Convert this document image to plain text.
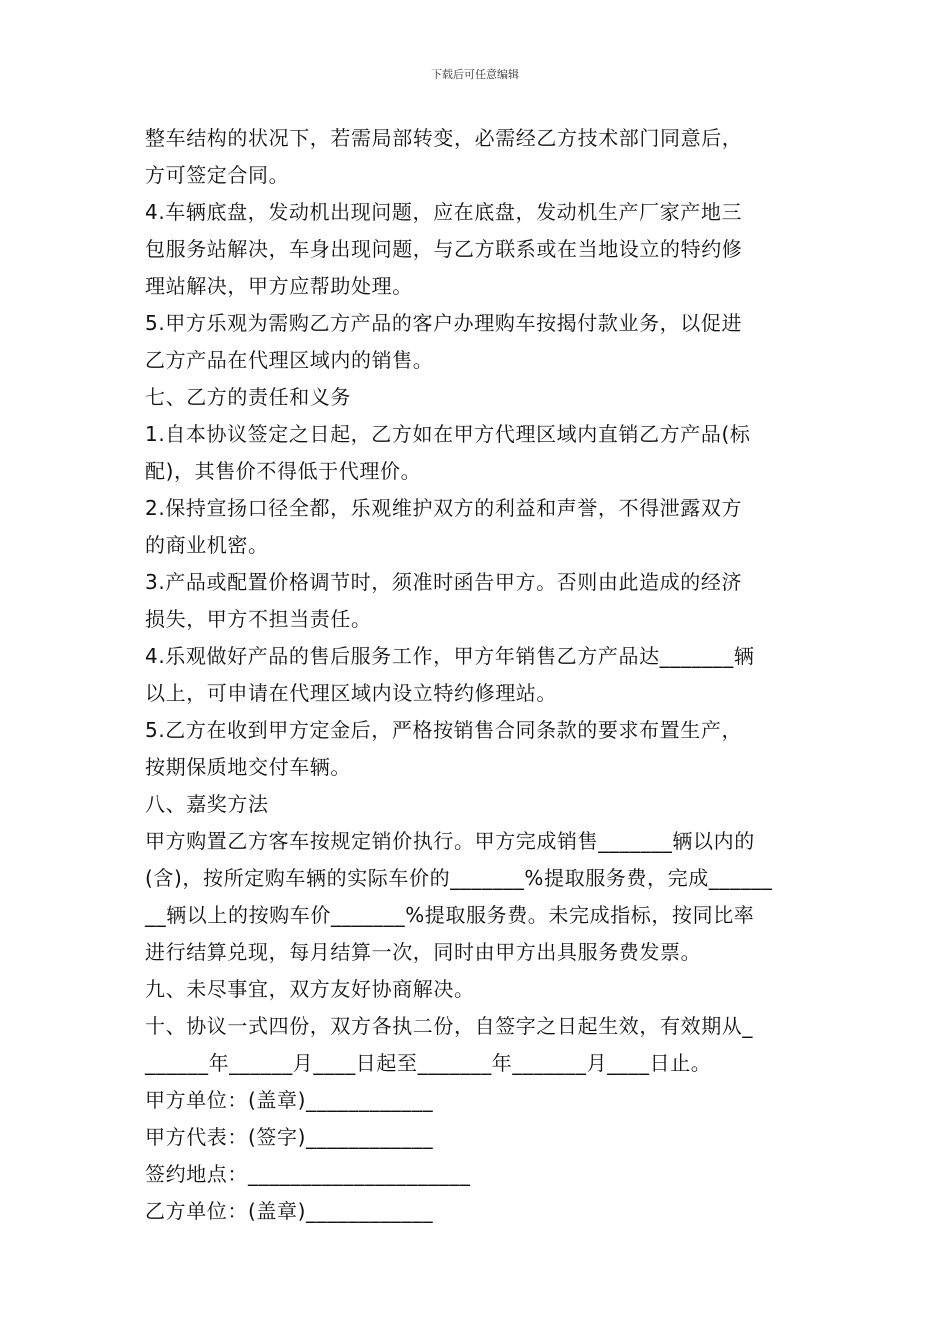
下载后可任意编辑
整车结构的状况下，若需局部转变，必需经乙方技术部门同意后，
方可签定合同。
4.车辆底盘，发动机出现问题，应在底盘，发动机生产厂家产地三
包服务站解决，车身出现问题，与乙方联系或在当地设立的特约修
理站解决，甲方应帮助处理。
5.甲方乐观为需购乙方产品的客户办理购车按揭付款业务，以促进
乙方产品在代理区域内的销售。
七、乙方的责任和义务
1.自本协议签定之日起，乙方如在甲方代理区域内直销乙方产品(标
配)，其售价不得低于代理价。
2.保持宣扬口径全都，乐观维护双方的利益和声誉，不得泄露双方
的商业机密。
3.产品或配置价格调节时，须准时函告甲方。否则由此造成的经济
损失，甲方不担当责任。
4.乐观做好产品的售后服务工作，甲方年销售乙方产品达_______辆
以上，可申请在代理区域内设立特约修理站。
5.乙方在收到甲方定金后，严格按销售合同条款的要求布置生产，
按期保质地交付车辆。
八、嘉奖方法
甲方购置乙方客车按规定销价执行。甲方完成销售_______辆以内的
(含)，按所定购车辆的实际车价的_______%提取服务费，完成______
__辆以上的按购车价_______%提取服务费。未完成指标，按同比率
进行结算兑现，每月结算一次，同时由甲方出具服务费发票。
九、未尽事宜，双方友好协商解决。
十、协议一式四份，双方各执二份，自签字之日起生效，有效期从_
______年______月____日起至_______年_______月____日止。
甲方单位：(盖章)____________
甲方代表：(签字)____________
签约地点：_____________________
乙方单位：(盖章)____________
